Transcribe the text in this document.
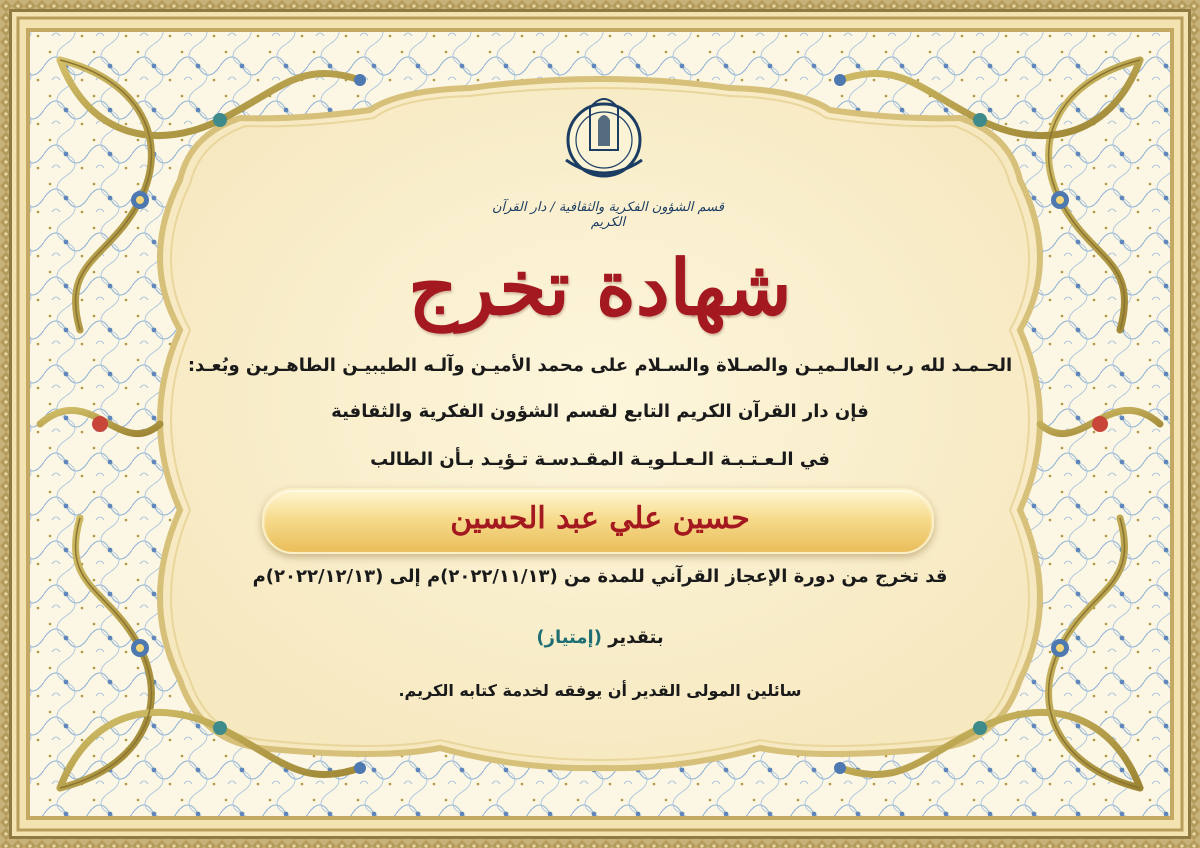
قسم الشؤون الفكرية والثقافية / دار القرآن الكريم
شهادة تخرج

الحـمـد لله رب العالـميـن والصـلاة والسـلام على محمد الأميـن وآلـه الطيبيـن الطاهـرين وبُعـد:

فإن دار القرآن الكريم التابع لقسم الشؤون الفكرية والثقافية

في الـعـتـبـة الـعـلـويـة المقـدسـة تـؤيـد بـأن الطالب

حسين علي عبد الحسين

قد تخرج من دورة الإعجاز القرآني للمدة من (٢٠٢٢/١١/١٣)م إلى (٢٠٢٢/١٢/١٣)م

بتقدير (إمتياز)

سائلين المولى القدير أن يوفقه لخدمة كتابه الكريم.
